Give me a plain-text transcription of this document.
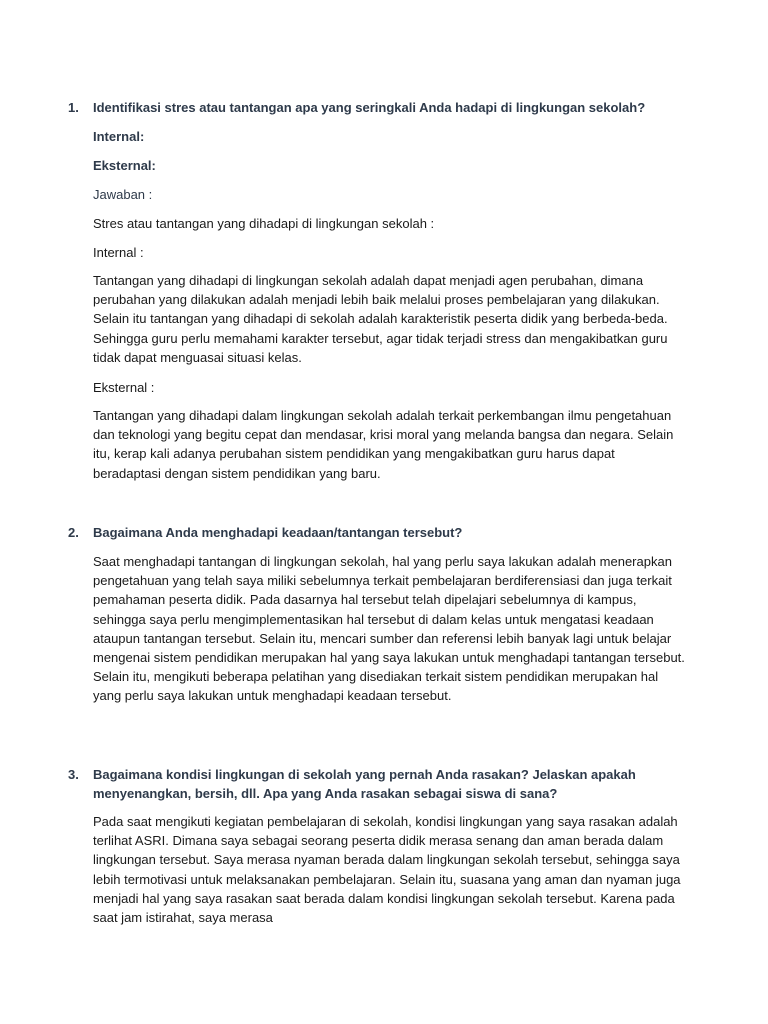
1. Identifikasi stres atau tantangan apa yang seringkali Anda hadapi di lingkungan sekolah?
Internal:
Eksternal:
Jawaban :
Stres atau tantangan yang dihadapi di lingkungan sekolah :
Internal :
Tantangan yang dihadapi di lingkungan sekolah adalah dapat menjadi agen perubahan, dimana perubahan yang dilakukan adalah menjadi lebih baik melalui proses pembelajaran yang dilakukan. Selain itu tantangan yang dihadapi di sekolah adalah karakteristik peserta didik yang berbeda-beda. Sehingga guru perlu memahami karakter tersebut, agar tidak terjadi stress dan mengakibatkan guru tidak dapat menguasai situasi kelas.
Eksternal :
Tantangan yang dihadapi dalam lingkungan sekolah adalah terkait perkembangan ilmu pengetahuan dan teknologi yang begitu cepat dan mendasar, krisi moral yang melanda bangsa dan negara. Selain itu, kerap kali adanya perubahan sistem pendidikan yang mengakibatkan guru harus dapat beradaptasi dengan sistem pendidikan yang baru.
2. Bagaimana Anda menghadapi keadaan/tantangan tersebut?
Saat menghadapi tantangan di lingkungan sekolah, hal yang perlu saya lakukan adalah menerapkan pengetahuan yang telah saya miliki sebelumnya terkait pembelajaran berdiferensiasi dan juga terkait pemahaman peserta didik. Pada dasarnya hal tersebut telah dipelajari sebelumnya di kampus, sehingga saya perlu mengimplementasikan hal tersebut di dalam kelas untuk mengatasi keadaan ataupun tantangan tersebut. Selain itu, mencari sumber dan referensi lebih banyak lagi untuk belajar mengenai sistem pendidikan merupakan hal yang saya lakukan untuk menghadapi tantangan tersebut. Selain itu, mengikuti beberapa pelatihan yang disediakan terkait sistem pendidikan merupakan hal yang perlu saya lakukan untuk menghadapi keadaan tersebut.
3. Bagaimana kondisi lingkungan di sekolah yang pernah Anda rasakan? Jelaskan apakah menyenangkan, bersih, dll. Apa yang Anda rasakan sebagai siswa di sana?
Pada saat mengikuti kegiatan pembelajaran di sekolah, kondisi lingkungan yang saya rasakan adalah terlihat ASRI. Dimana saya sebagai seorang peserta didik merasa senang dan aman berada dalam lingkungan tersebut. Saya merasa nyaman berada dalam lingkungan sekolah tersebut, sehingga saya lebih termotivasi untuk melaksanakan pembelajaran. Selain itu, suasana yang aman dan nyaman juga menjadi hal yang saya rasakan saat berada dalam kondisi lingkungan sekolah tersebut. Karena pada saat jam istirahat, saya merasa
